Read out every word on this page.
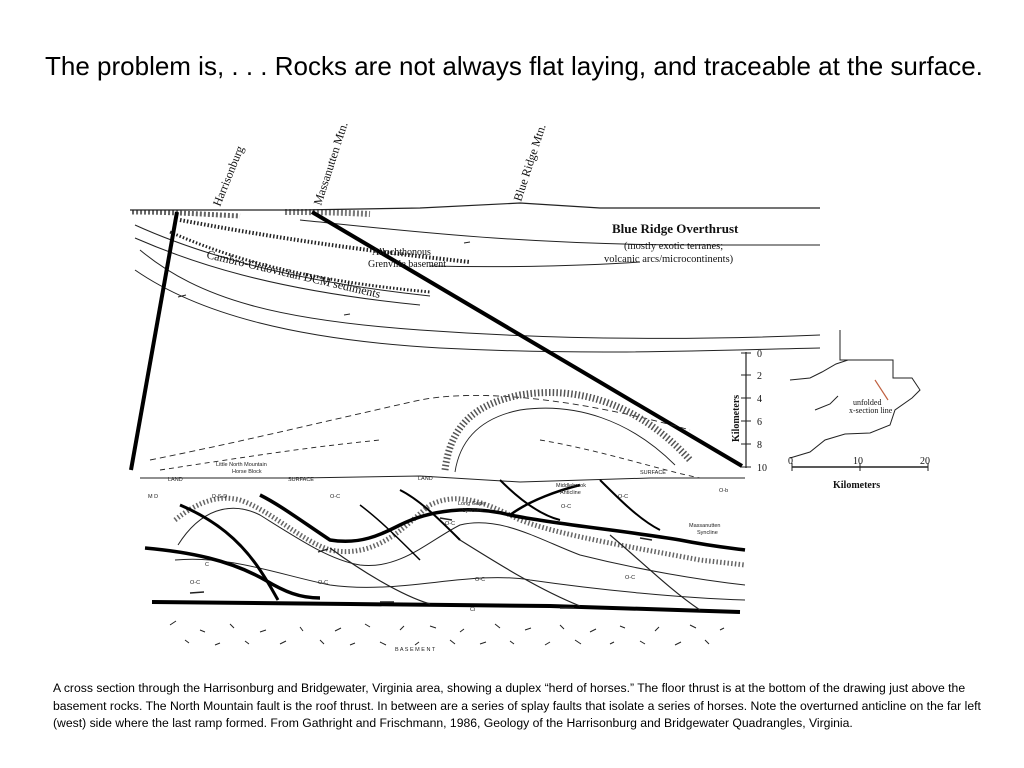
The problem is, . . . Rocks are not always flat laying, and traceable at the surface.
Harrisonburg	Massanutten Mtn.	Blue Ridge Mtn.
Blue Ridge Overthrust
(mostly exotic terranes;
volcanic arcs/microcontinents)
Allochthonous
Grenville basement
Cambro-Ordovician DCM sediments
0
2
4
6
8
10
Kilometers	unfolded
x-section line
0	10	20
Kilometers
Little North Mountain
Horse Block
LAND	SURFACE	LAND
SURFACE
Long Gape
Syncline
Middlebrook
Anticline
Massanutten
Syncline
M D	D-S-D	O-C
O-C
O-C
O-C
O-C	O-C	O-C	O-C
O-b
C
Ci
B A S E M E N T

A cross section through the Harrisonburg and Bridgewater, Virginia area, showing a duplex “herd of horses.” The floor thrust is at the bottom of the drawing just above the basement rocks. The North Mountain fault is the roof thrust. In between are a series of splay faults that isolate a series of horses. Note the overturned anticline on the far left (west) side where the last ramp formed. From Gathright and Frischmann, 1986, Geology of the Harrisonburg and Bridgewater Quadrangles, Virginia.
